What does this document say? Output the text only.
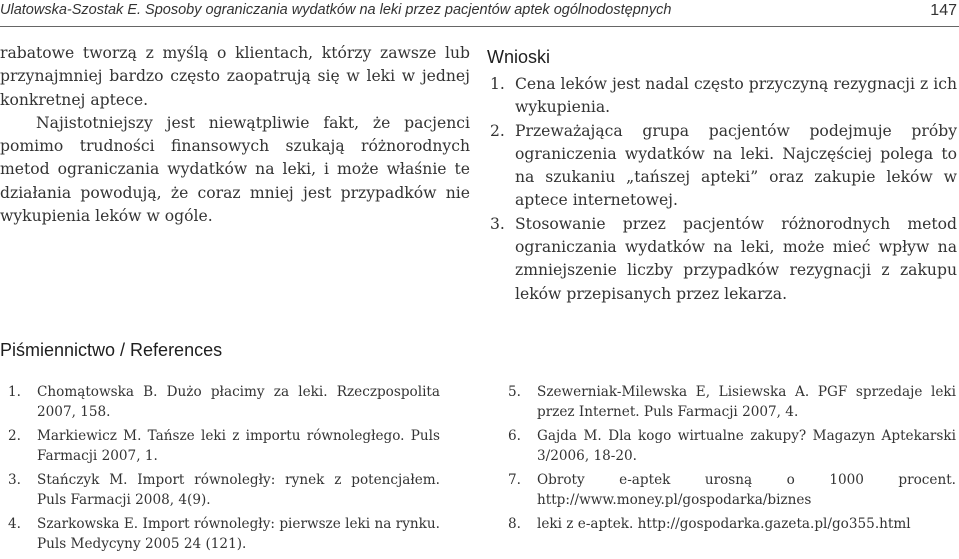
Ulatowska-Szostak E. Sposoby ograniczania wydatków na leki przez pacjentów aptek ogólnodostępnych	147

rabatowe tworzą z myślą o klientach, którzy zawsze lub przynajmniej bardzo często zaopatrują się w leki w jednej konkretnej aptece.

Najistotniejszy jest niewątpliwie fakt, że pacjenci pomimo trudności finansowych szukają różnorodnych metod ograniczania wydatków na leki, i może właśnie te działania powodują, że coraz mniej jest przypadków nie wykupienia leków w ogóle.

Wnioski
1. Cena leków jest nadal często przyczyną rezygnacji z ich wykupienia.
2. Przeważająca grupa pacjentów podejmuje próby ograniczenia wydatków na leki. Najczęściej polega to na szukaniu „tańszej apteki” oraz zakupie leków w aptece internetowej.
3. Stosowanie przez pacjentów różnorodnych metod ograniczania wydatków na leki, może mieć wpływ na zmniejszenie liczby przypadków rezygnacji z zakupu leków przepisanych przez lekarza.
Piśmiennictwo / References
1. Chomątowska B. Dużo płacimy za leki. Rzeczpospolita 2007, 158.
2. Markiewicz M. Tańsze leki z importu równoległego. Puls Farmacji 2007, 1.
3. Stańczyk M. Import równoległy: rynek z potencjałem. Puls Farmacji 2008, 4(9).
4. Szarkowska E. Import równoległy: pierwsze leki na rynku. Puls Medycyny 2005 24 (121).
5. Szewerniak-Milewska E, Lisiewska A. PGF sprzedaje leki przez Internet. Puls Farmacji 2007, 4.
6. Gajda M. Dla kogo wirtualne zakupy? Magazyn Aptekarski 3/2006, 18-20.
7. Obroty e-aptek urosną o 1000 procent. http://www.money.pl/gospodarka/biznes
8. leki z e-aptek. http://gospodarka.gazeta.pl/go355.html
